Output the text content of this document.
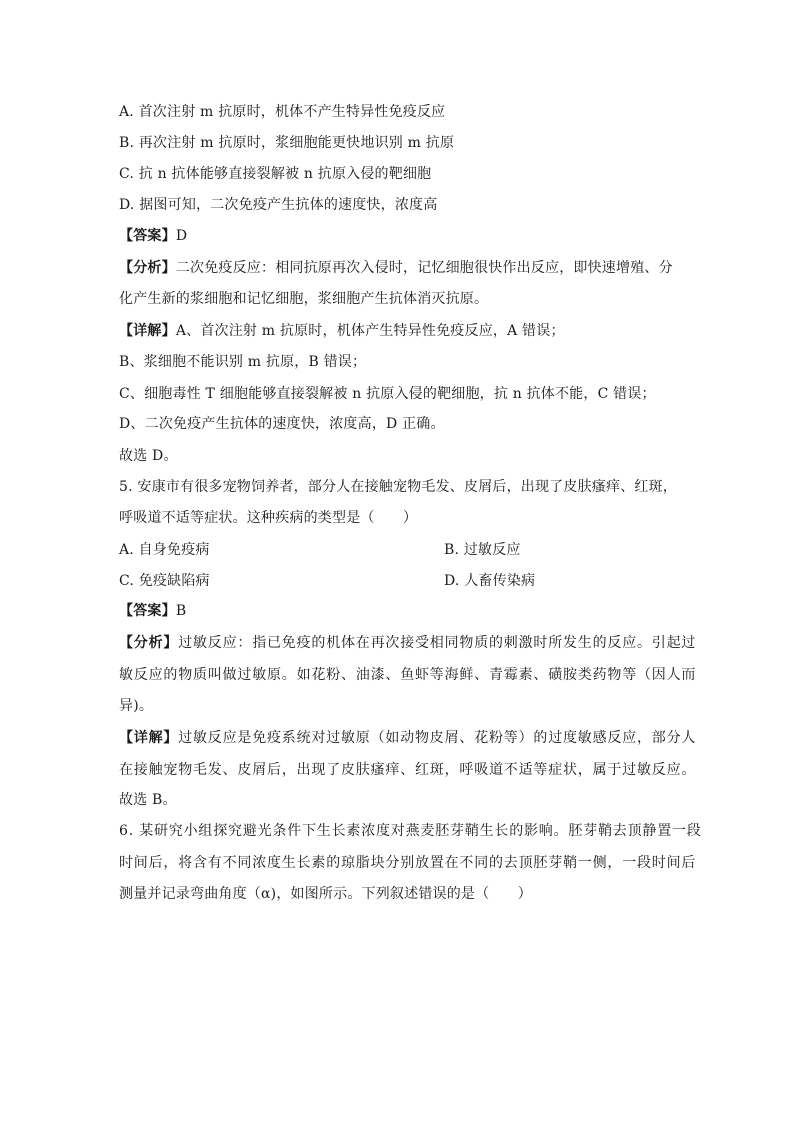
A. 首次注射 m 抗原时，机体不产生特异性免疫反应
B. 再次注射 m 抗原时，浆细胞能更快地识别 m 抗原
C. 抗 n 抗体能够直接裂解被 n 抗原入侵的靶细胞
D. 据图可知，二次免疫产生抗体的速度快，浓度高
【答案】D
【分析】二次免疫反应：相同抗原再次入侵时，记忆细胞很快作出反应，即快速增殖、分
化产生新的浆细胞和记忆细胞，浆细胞产生抗体消灭抗原。
【详解】A、首次注射 m 抗原时，机体产生特异性免疫反应，A 错误；
B、浆细胞不能识别 m 抗原，B 错误；
C、细胞毒性 T 细胞能够直接裂解被 n 抗原入侵的靶细胞，抗 n 抗体不能，C 错误；
D、二次免疫产生抗体的速度快，浓度高，D 正确。
故选 D。
5. 安康市有很多宠物饲养者，部分人在接触宠物毛发、皮屑后，出现了皮肤瘙痒、红斑，
呼吸道不适等症状。这种疾病的类型是（　　）
A. 自身免疫病	B. 过敏反应
C. 免疫缺陷病	D. 人畜传染病
【答案】B
【分析】过敏反应：指已免疫的机体在再次接受相同物质的刺激时所发生的反应。引起过
敏反应的物质叫做过敏原。如花粉、油漆、鱼虾等海鲜、青霉素、磺胺类药物等（因人而
异)。
【详解】过敏反应是免疫系统对过敏原（如动物皮屑、花粉等）的过度敏感反应，部分人
在接触宠物毛发、皮屑后，出现了皮肤瘙痒、红斑，呼吸道不适等症状，属于过敏反应。
故选 B。
6. 某研究小组探究避光条件下生长素浓度对燕麦胚芽鞘生长的影响。胚芽鞘去顶静置一段
时间后，将含有不同浓度生长素的琼脂块分别放置在不同的去顶胚芽鞘一侧，一段时间后
测量并记录弯曲角度（α)，如图所示。下列叙述错误的是（　　）
